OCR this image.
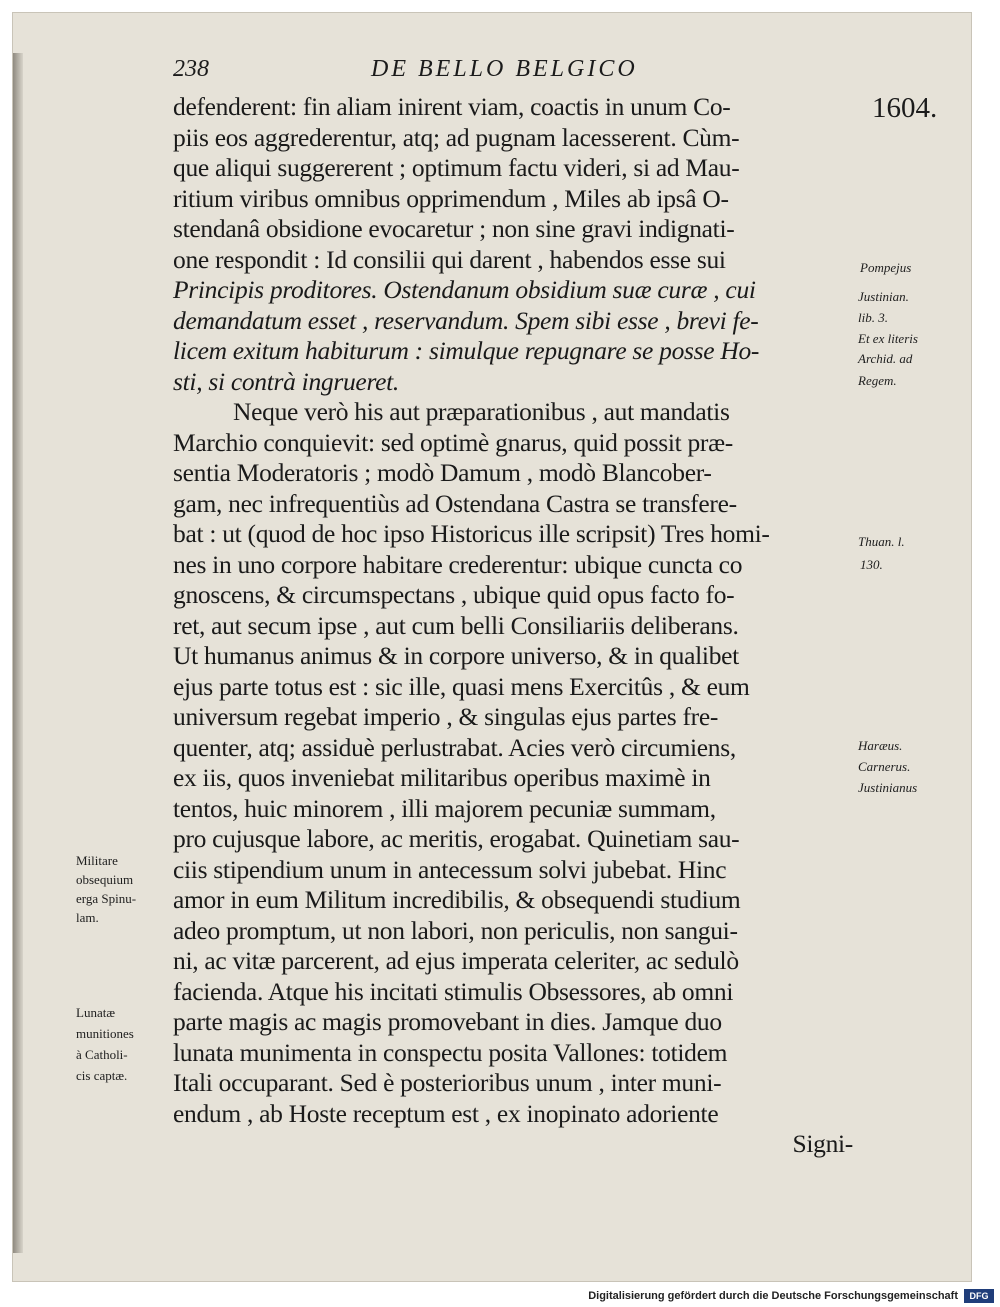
238	DE BELLO BELGICO
1604.
defenderent: fin aliam inirent viam, coactis in unum Co-
piis eos aggrederentur, atq; ad pugnam lacesserent. Cùm-
que aliqui suggererent ; optimum factu videri, si ad Mau-
ritium viribus omnibus opprimendum , Miles ab ipsâ O-
stendanâ obsidione evocaretur ; non sine gravi indignati-
one respondit : Id consilii qui darent , habendos esse sui
Principis proditores. Ostendanum obsidium suæ curæ , cui
demandatum esset , reservandum. Spem sibi esse , brevi fe-
licem exitum habiturum : simulque repugnare se posse Ho-
sti, si contrà ingrueret.
Neque verò his aut præparationibus , aut mandatis
Marchio conquievit: sed optimè gnarus, quid possit præ-
sentia Moderatoris ; modò Damum , modò Blancober-
gam, nec infrequentiùs ad Ostendana Castra se transfere-
bat : ut (quod de hoc ipso Historicus ille scripsit) Tres homi-
nes in uno corpore habitare crederentur: ubique cuncta co
gnoscens, & circumspectans , ubique quid opus facto fo-
ret, aut secum ipse , aut cum belli Consiliariis deliberans.
Ut humanus animus & in corpore universo, & in qualibet
ejus parte totus est : sic ille, quasi mens Exercitûs , & eum
universum regebat imperio , & singulas ejus partes fre-
quenter, atq; assiduè perlustrabat. Acies verò circumiens,
ex iis, quos inveniebat militaribus operibus maximè in
tentos, huic minorem , illi majorem pecuniæ summam,
pro cujusque labore, ac meritis, erogabat. Quinetiam sau-
ciis stipendium unum in antecessum solvi jubebat. Hinc
amor in eum Militum incredibilis, & obsequendi studium
adeo promptum, ut non labori, non periculis, non sangui-
ni, ac vitæ parcerent, ad ejus imperata celeriter, ac sedulò
facienda. Atque his incitati stimulis Obsessores, ab omni
parte magis ac magis promovebant in dies. Jamque duo
lunata munimenta in conspectu posita Vallones: totidem
Itali occuparant. Sed è posterioribus unum , inter muni-
endum , ab Hoste receptum est , ex inopinato adoriente
Signi-
Pompejus
Justinian.
lib. 3.
Et ex literis
Archid. ad
Regem.
Thuan. l.
130.
Haræus.
Carnerus.
Justinianus
Militare
obsequium
erga Spinu-
lam.
Lunatæ
munitiones
à Catholi-
cis captæ.
Digitalisierung gefördert durch die Deutsche Forschungsgemeinschaft	DFG
